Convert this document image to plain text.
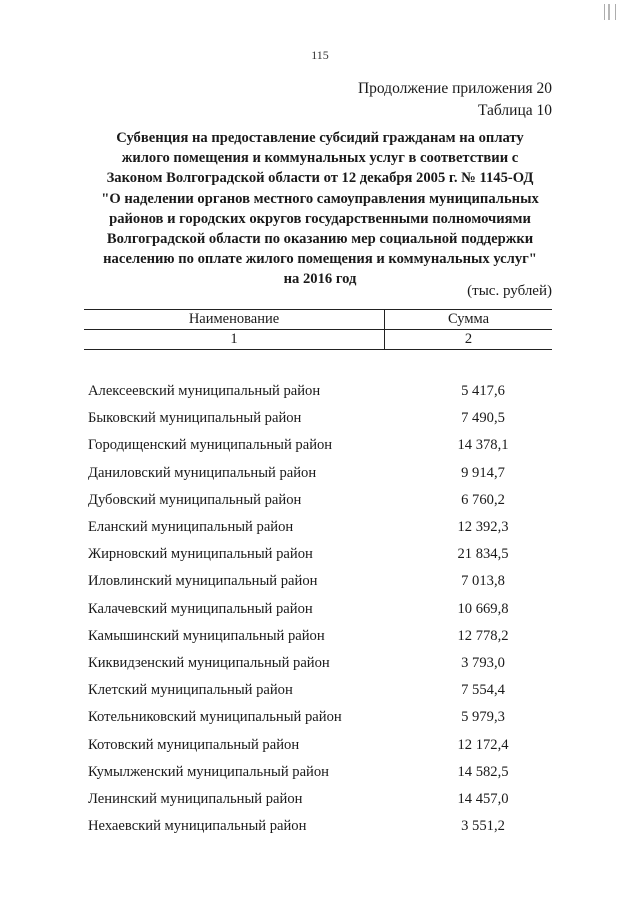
115
Продолжение приложения 20
Таблица 10
Субвенция на предоставление субсидий гражданам на оплату
жилого помещения и коммунальных услуг в соответствии с
Законом Волгоградской области от 12 декабря 2005 г. № 1145-ОД
"О наделении органов местного самоуправления муниципальных
районов и городских округов государственными полномочиями
Волгоградской области по оказанию мер социальной поддержки
населению по оплате жилого помещения и коммунальных услуг"
на 2016 год
(тыс. рублей)
Наименование	Сумма
1	2
Алексеевский муниципальный район	5 417,6
Быковский муниципальный район	7 490,5
Городищенский муниципальный район	14 378,1
Даниловский муниципальный район	9 914,7
Дубовский муниципальный район	6 760,2
Еланский муниципальный район	12 392,3
Жирновский муниципальный район	21 834,5
Иловлинский муниципальный район	7 013,8
Калачевский муниципальный район	10 669,8
Камышинский муниципальный район	12 778,2
Киквидзенский муниципальный район	3 793,0
Клетский муниципальный район	7 554,4
Котельниковский муниципальный район	5 979,3
Котовский муниципальный район	12 172,4
Кумылженский муниципальный район	14 582,5
Ленинский муниципальный район	14 457,0
Нехаевский муниципальный район	3 551,2
